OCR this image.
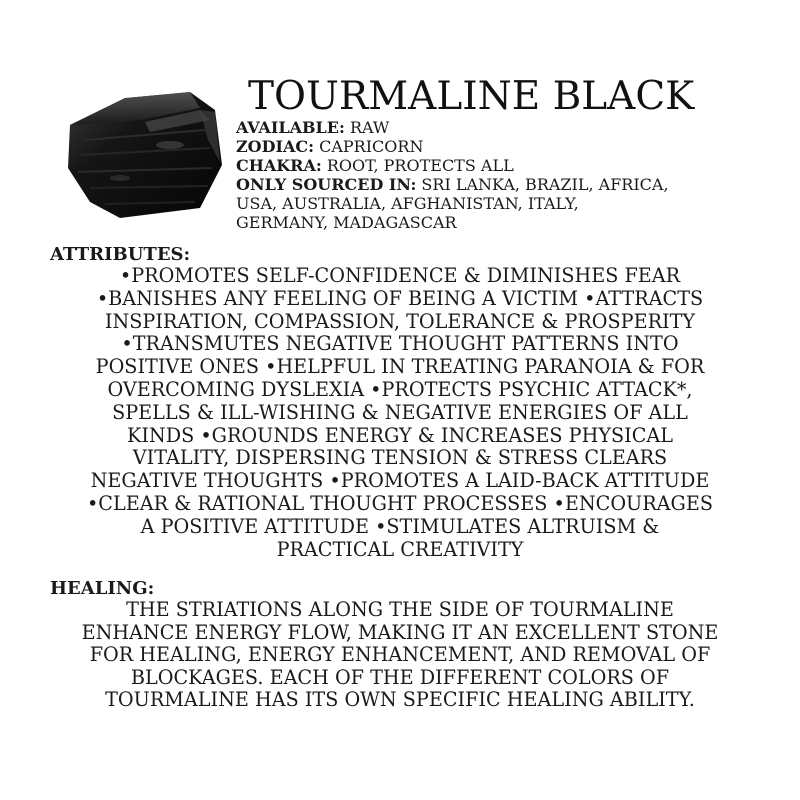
TOURMALINE BLACK
AVAILABLE: RAW
ZODIAC: CAPRICORN
CHAKRA: ROOT, PROTECTS ALL
ONLY SOURCED IN: SRI LANKA, BRAZIL, AFRICA,
USA, AUSTRALIA, AFGHANISTAN, ITALY,
GERMANY, MADAGASCAR
ATTRIBUTES:
•PROMOTES SELF-CONFIDENCE & DIMINISHES FEAR
•BANISHES ANY FEELING OF BEING A VICTIM •ATTRACTS
INSPIRATION, COMPASSION, TOLERANCE & PROSPERITY
•TRANSMUTES NEGATIVE THOUGHT PATTERNS INTO
POSITIVE ONES •HELPFUL IN TREATING PARANOIA & FOR
OVERCOMING DYSLEXIA •PROTECTS PSYCHIC ATTACK*,
SPELLS & ILL-WISHING & NEGATIVE ENERGIES OF ALL
KINDS •GROUNDS ENERGY & INCREASES PHYSICAL
VITALITY, DISPERSING TENSION & STRESS CLEARS
NEGATIVE THOUGHTS •PROMOTES A LAID-BACK ATTITUDE
•CLEAR & RATIONAL THOUGHT PROCESSES •ENCOURAGES
A POSITIVE ATTITUDE •STIMULATES ALTRUISM &
PRACTICAL CREATIVITY
HEALING:
THE STRIATIONS ALONG THE SIDE OF TOURMALINE
ENHANCE ENERGY FLOW, MAKING IT AN EXCELLENT STONE
FOR HEALING, ENERGY ENHANCEMENT, AND REMOVAL OF
BLOCKAGES. EACH OF THE DIFFERENT COLORS OF
TOURMALINE HAS ITS OWN SPECIFIC HEALING ABILITY.
